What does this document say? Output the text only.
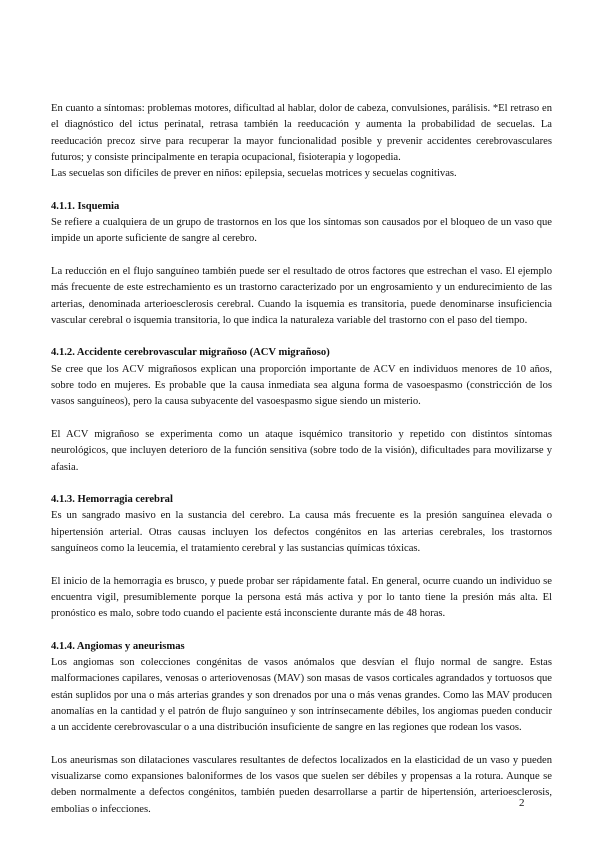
En cuanto a síntomas: problemas motores, dificultad al hablar, dolor de cabeza, convulsiones, parálisis. *El retraso en el diagnóstico del ictus perinatal, retrasa también la reeducación y aumenta la probabilidad de secuelas. La reeducación precoz sirve para recuperar la mayor funcionalidad posible y prevenir accidentes cerebrovasculares futuros; y consiste principalmente en terapia ocupacional, fisioterapia y logopedia.

Las secuelas son difíciles de prever en niños: epilepsia, secuelas motrices y secuelas cognitivas.

4.1.1. Isquemia

Se refiere a cualquiera de un grupo de trastornos en los que los síntomas son causados por el bloqueo de un vaso que impide un aporte suficiente de sangre al cerebro.

La reducción en el flujo sanguíneo también puede ser el resultado de otros factores que estrechan el vaso. El ejemplo más frecuente de este estrechamiento es un trastorno caracterizado por un engrosamiento y un endurecimiento de las arterias, denominada arterioesclerosis cerebral. Cuando la isquemia es transitoria, puede denominarse insuficiencia vascular cerebral o isquemia transitoria, lo que indica la naturaleza variable del trastorno con el paso del tiempo.

4.1.2. Accidente cerebrovascular migrañoso (ACV migrañoso)

Se cree que los ACV migrañosos explican una proporción importante de ACV en individuos menores de 10 años, sobre todo en mujeres. Es probable que la causa inmediata sea alguna forma de vasoespasmo (constricción de los vasos sanguíneos), pero la causa subyacente del vasoespasmo sigue siendo un misterio.

El ACV migrañoso se experimenta como un ataque isquémico transitorio y repetido con distintos síntomas neurológicos, que incluyen deterioro de la función sensitiva (sobre todo de la visión), dificultades para movilizarse y afasia.

4.1.3. Hemorragia cerebral

Es un sangrado masivo en la sustancia del cerebro. La causa más frecuente es la presión sanguínea elevada o hipertensión arterial. Otras causas incluyen los defectos congénitos en las arterias cerebrales, los trastornos sanguíneos como la leucemia, el tratamiento cerebral y las sustancias químicas tóxicas.

El inicio de la hemorragia es brusco, y puede probar ser rápidamente fatal. En general, ocurre cuando un individuo se encuentra vigil, presumiblemente porque la persona está más activa y por lo tanto tiene la presión más alta. El pronóstico es malo, sobre todo cuando el paciente está inconsciente durante más de 48 horas.

4.1.4. Angiomas y aneurismas

Los angiomas son colecciones congénitas de vasos anómalos que desvían el flujo normal de sangre. Estas malformaciones capilares, venosas o arteriovenosas (MAV) son masas de vasos corticales agrandados y tortuosos que están suplidos por una o más arterias grandes y son drenados por una o más venas grandes. Como las MAV producen anomalías en la cantidad y el patrón de flujo sanguíneo y son intrínsecamente débiles, los angiomas pueden conducir a un accidente cerebrovascular o a una distribución insuficiente de sangre en las regiones que rodean los vasos.

Los aneurismas son dilataciones vasculares resultantes de defectos localizados en la elasticidad de un vaso y pueden visualizarse como expansiones baloniformes de los vasos que suelen ser débiles y propensas a la rotura. Aunque se deben normalmente a defectos congénitos, también pueden desarrollarse a partir de hipertensión, arterioesclerosis, embolias o infecciones.

2
